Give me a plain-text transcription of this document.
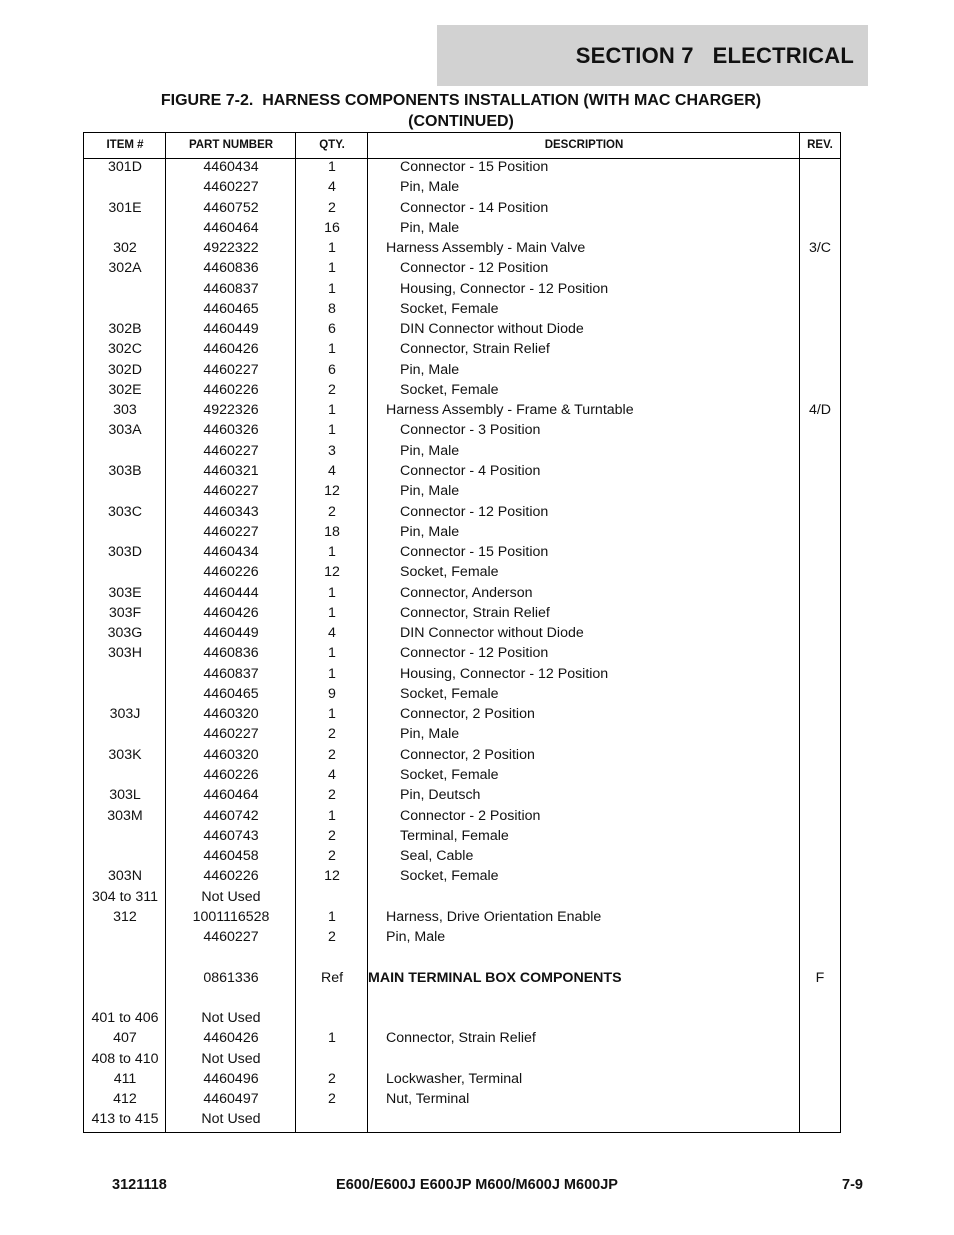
SECTION 7   ELECTRICAL
FIGURE 7-2.  HARNESS COMPONENTS INSTALLATION (WITH MAC CHARGER)
(CONTINUED)
ITEM #	PART NUMBER	QTY.	DESCRIPTION	REV.
301D	4460434	1	Connector - 15 Position
4460227	4	Pin, Male
301E	4460752	2	Connector - 14 Position
4460464	16	Pin, Male
302	4922322	1	Harness Assembly - Main Valve	3/C
302A	4460836	1	Connector - 12 Position
4460837	1	Housing, Connector - 12 Position
4460465	8	Socket, Female
302B	4460449	6	DIN Connector without Diode
302C	4460426	1	Connector, Strain Relief
302D	4460227	6	Pin, Male
302E	4460226	2	Socket, Female
303	4922326	1	Harness Assembly - Frame & Turntable	4/D
303A	4460326	1	Connector - 3 Position
4460227	3	Pin, Male
303B	4460321	4	Connector - 4 Position
4460227	12	Pin, Male
303C	4460343	2	Connector - 12 Position
4460227	18	Pin, Male
303D	4460434	1	Connector - 15 Position
4460226	12	Socket, Female
303E	4460444	1	Connector, Anderson
303F	4460426	1	Connector, Strain Relief
303G	4460449	4	DIN Connector without Diode
303H	4460836	1	Connector - 12 Position
4460837	1	Housing, Connector - 12 Position
4460465	9	Socket, Female
303J	4460320	1	Connector, 2 Position
4460227	2	Pin, Male
303K	4460320	2	Connector, 2 Position
4460226	4	Socket, Female
303L	4460464	2	Pin, Deutsch
303M	4460742	1	Connector - 2 Position
4460743	2	Terminal, Female
4460458	2	Seal, Cable
303N	4460226	12	Socket, Female
304 to 311	Not Used
312	1001116528	1	Harness, Drive Orientation Enable
4460227	2	Pin, Male
0861336	Ref	MAIN TERMINAL BOX COMPONENTS	F
401 to 406	Not Used
407	4460426	1	Connector, Strain Relief
408 to 410	Not Used
411	4460496	2	Lockwasher, Terminal
412	4460497	2	Nut, Terminal
413 to 415	Not Used
3121118	E600/E600J E600JP M600/M600J M600JP	7-9
